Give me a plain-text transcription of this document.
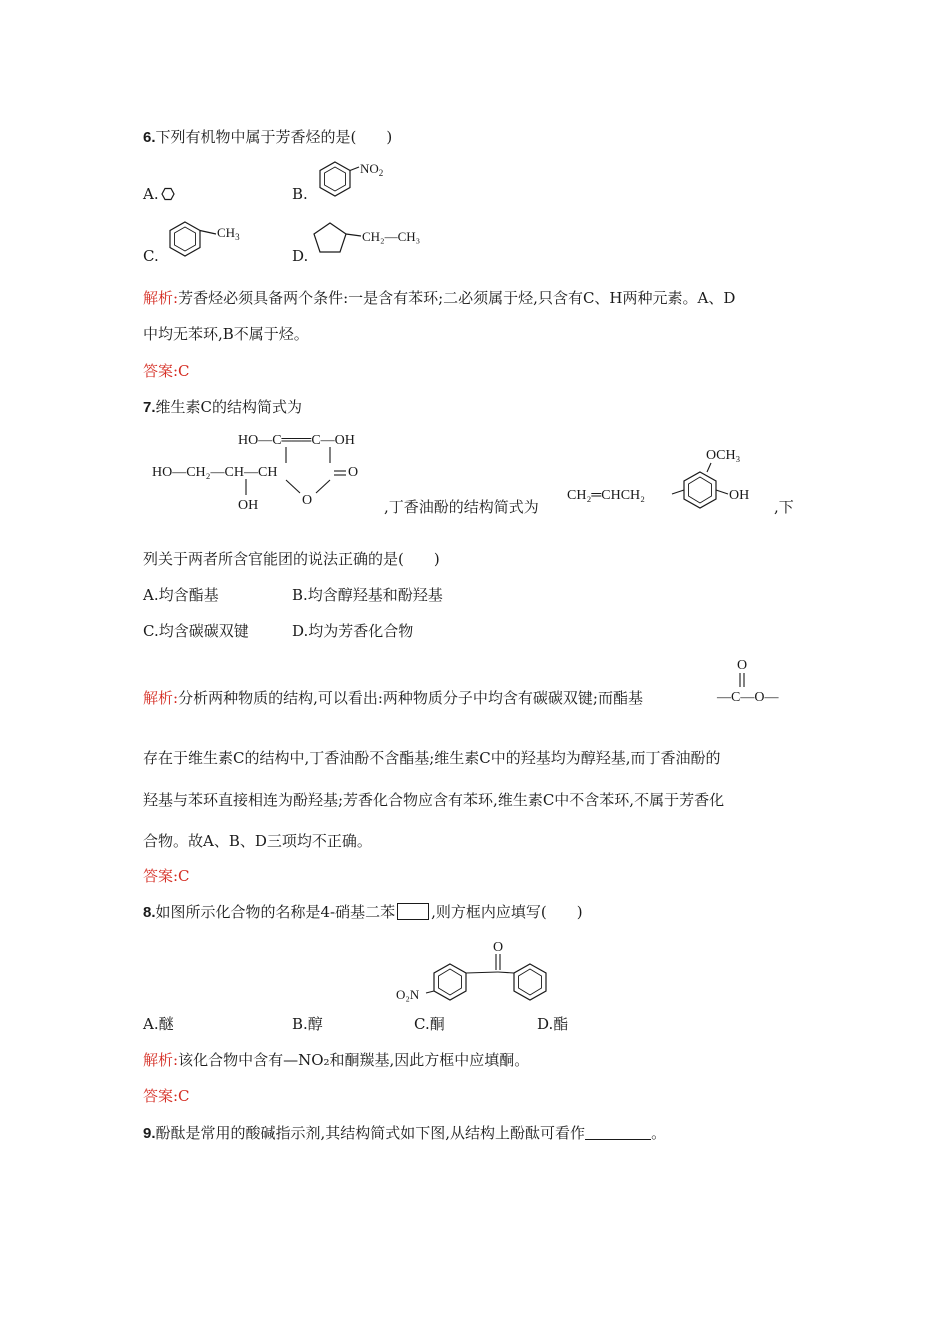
6.下列有机物中属于芳香烃的是(　　)
A.	B.
$NO_2$
C.
$CH_3$
D.
CH₂—CH₃
解析:芳香烃必须具备两个条件:一是含有苯环;二必须属于烃,只含有C、H两种元素。A、D
中均无苯环,B不属于烃。
答案:C
7.维生素C的结构简式为
HO—C═══C—OH
HO—CH₂—CH—CH	O
OH	O	,丁香油酚的结构简式为
OCH₃
CH₂═CHCH₂	OH
,下
列关于两者所含官能团的说法正确的是(　　)
A.均含酯基	B.均含醇羟基和酚羟基
C.均含碳碳双键	D.均为芳香化合物
解析:分析两种物质的结构,可以看出:两种物质分子中均含有碳碳双键;而酯基
O
—C—O—
存在于维生素C的结构中,丁香油酚不含酯基;维生素C中的羟基均为醇羟基,而丁香油酚的
羟基与苯环直接相连为酚羟基;芳香化合物应含有苯环,维生素C中不含苯环,不属于芳香化
合物。故A、B、D三项均不正确。
答案:C
8.如图所示化合物的名称是4-硝基二苯 ,则方框内应填写(　　)
O
O₂N
A.醚	B.醇	C.酮	D.酯
解析:该化合物中含有—NO₂和酮羰基,因此方框中应填酮。
答案:C
9.酚酞是常用的酸碱指示剂,其结构简式如下图,从结构上酚酞可看作	。
